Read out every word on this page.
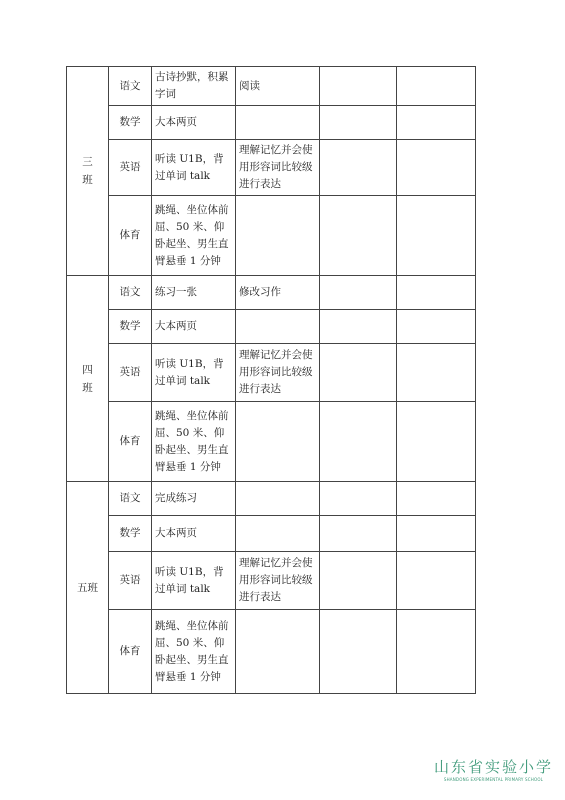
三班	语文	古诗抄默，积累字词	阅读		
	数学	大本两页			
	英语	听读 U1B，背过单词 talk	理解记忆并会使用形容词比较级进行表达		
	体育	跳绳、坐位体前屈、50 米、仰卧起坐、男生直臂悬垂 1 分钟			
四班	语文	练习一张	修改习作		
	数学	大本两页			
	英语	听读 U1B，背过单词 talk	理解记忆并会使用形容词比较级进行表达		
	体育	跳绳、坐位体前屈、50 米、仰卧起坐、男生直臂悬垂 1 分钟			
五班	语文	完成练习			
	数学	大本两页			
	英语	听读 U1B，背过单词 talk	理解记忆并会使用形容词比较级进行表达		
	体育	跳绳、坐位体前屈、50 米、仰卧起坐、男生直臂悬垂 1 分钟			
山东省实验小学
SHANDONG EXPERIMENTAL PRIMARY SCHOOL
